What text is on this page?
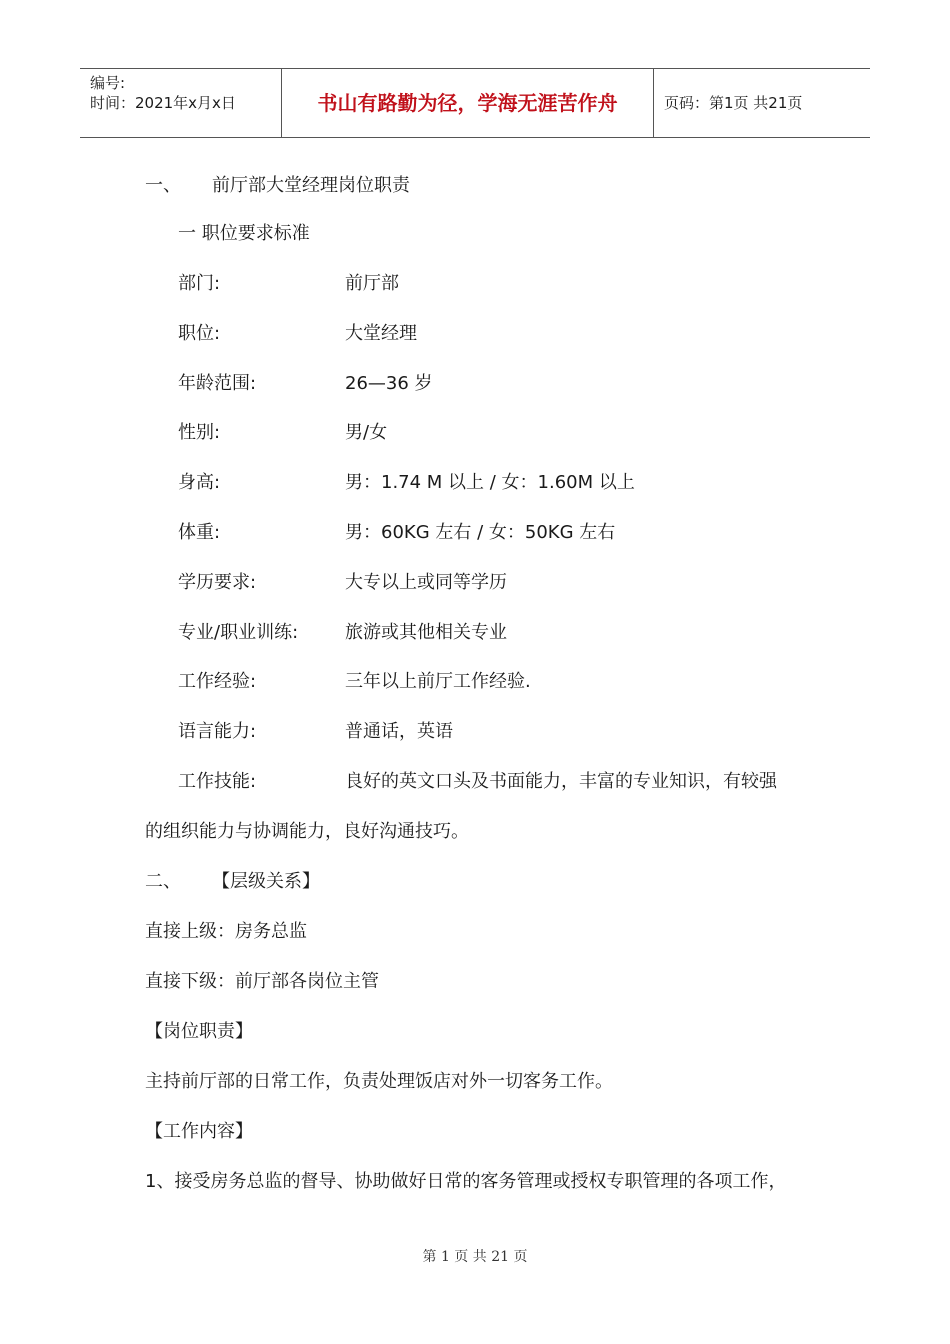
编号:
时间：2021年x月x日	书山有路勤为径，学海无涯苦作舟	页码：第1页 共21页
一、 前厅部大堂经理岗位职责
一 职位要求标准
部门:	前厅部
职位:	大堂经理
年龄范围:	26—36 岁
性别:	男/女
身高:	男：1.74 M 以上 / 女：1.60M 以上
体重:	男：60KG 左右 / 女：50KG 左右
学历要求:	大专以上或同等学历
专业/职业训练:	旅游或其他相关专业
工作经验:	三年以上前厅工作经验.
语言能力:	普通话，英语
工作技能:	良好的英文口头及书面能力，丰富的专业知识，有较强
的组织能力与协调能力，良好沟通技巧。
二、 【层级关系】
直接上级：房务总监
直接下级：前厅部各岗位主管
【岗位职责】
主持前厅部的日常工作，负责处理饭店对外一切客务工作。
【工作内容】
1、接受房务总监的督导、协助做好日常的客务管理或授权专职管理的各项工作，
第 1 页 共 21 页
